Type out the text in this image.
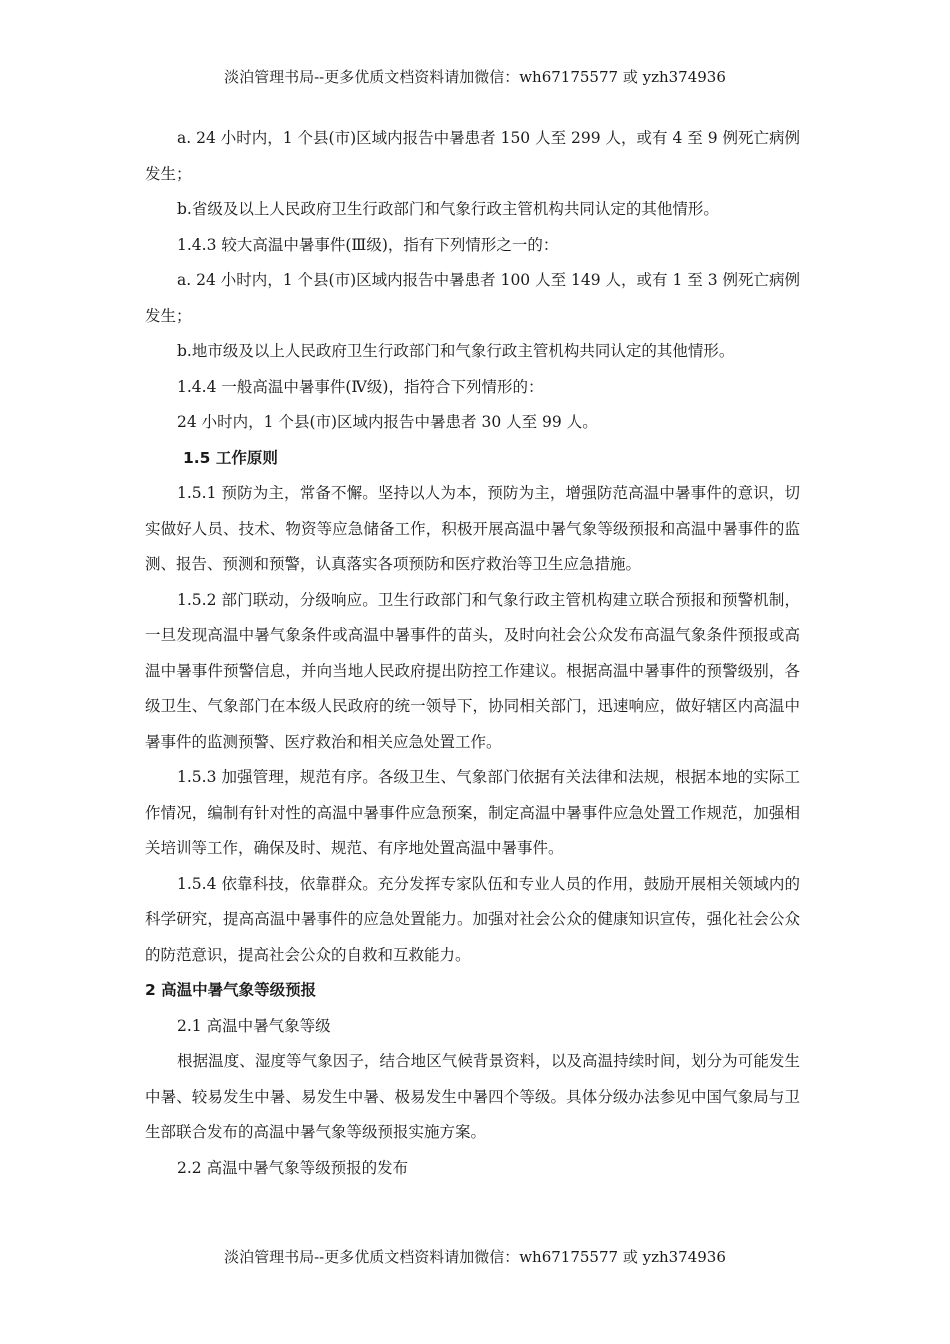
淡泊管理书局--更多优质文档资料请加微信：wh67175577 或 yzh374936

a. 24 小时内，1 个县(市)区域内报告中暑患者 150 人至 299 人，或有 4 至 9 例死亡病例发生；

b.省级及以上人民政府卫生行政部门和气象行政主管机构共同认定的其他情形。

1.4.3 较大高温中暑事件(Ⅲ级)，指有下列情形之一的：

a. 24 小时内，1 个县(市)区域内报告中暑患者 100 人至 149 人，或有 1 至 3 例死亡病例发生；

b.地市级及以上人民政府卫生行政部门和气象行政主管机构共同认定的其他情形。

1.4.4 一般高温中暑事件(Ⅳ级)，指符合下列情形的：

24 小时内，1 个县(市)区域内报告中暑患者 30 人至 99 人。

1.5 工作原则

1.5.1 预防为主，常备不懈。坚持以人为本，预防为主，增强防范高温中暑事件的意识，切实做好人员、技术、物资等应急储备工作，积极开展高温中暑气象等级预报和高温中暑事件的监测、报告、预测和预警，认真落实各项预防和医疗救治等卫生应急措施。

1.5.2 部门联动，分级响应。卫生行政部门和气象行政主管机构建立联合预报和预警机制，一旦发现高温中暑气象条件或高温中暑事件的苗头，及时向社会公众发布高温气象条件预报或高温中暑事件预警信息，并向当地人民政府提出防控工作建议。根据高温中暑事件的预警级别，各级卫生、气象部门在本级人民政府的统一领导下，协同相关部门，迅速响应，做好辖区内高温中暑事件的监测预警、医疗救治和相关应急处置工作。

1.5.3 加强管理，规范有序。各级卫生、气象部门依据有关法律和法规，根据本地的实际工作情况，编制有针对性的高温中暑事件应急预案，制定高温中暑事件应急处置工作规范，加强相关培训等工作，确保及时、规范、有序地处置高温中暑事件。

1.5.4 依靠科技，依靠群众。充分发挥专家队伍和专业人员的作用，鼓励开展相关领域内的科学研究，提高高温中暑事件的应急处置能力。加强对社会公众的健康知识宣传，强化社会公众的防范意识，提高社会公众的自救和互救能力。

2 高温中暑气象等级预报

2.1 高温中暑气象等级

根据温度、湿度等气象因子，结合地区气候背景资料，以及高温持续时间，划分为可能发生中暑、较易发生中暑、易发生中暑、极易发生中暑四个等级。具体分级办法参见中国气象局与卫生部联合发布的高温中暑气象等级预报实施方案。

2.2 高温中暑气象等级预报的发布

淡泊管理书局--更多优质文档资料请加微信：wh67175577 或 yzh374936
